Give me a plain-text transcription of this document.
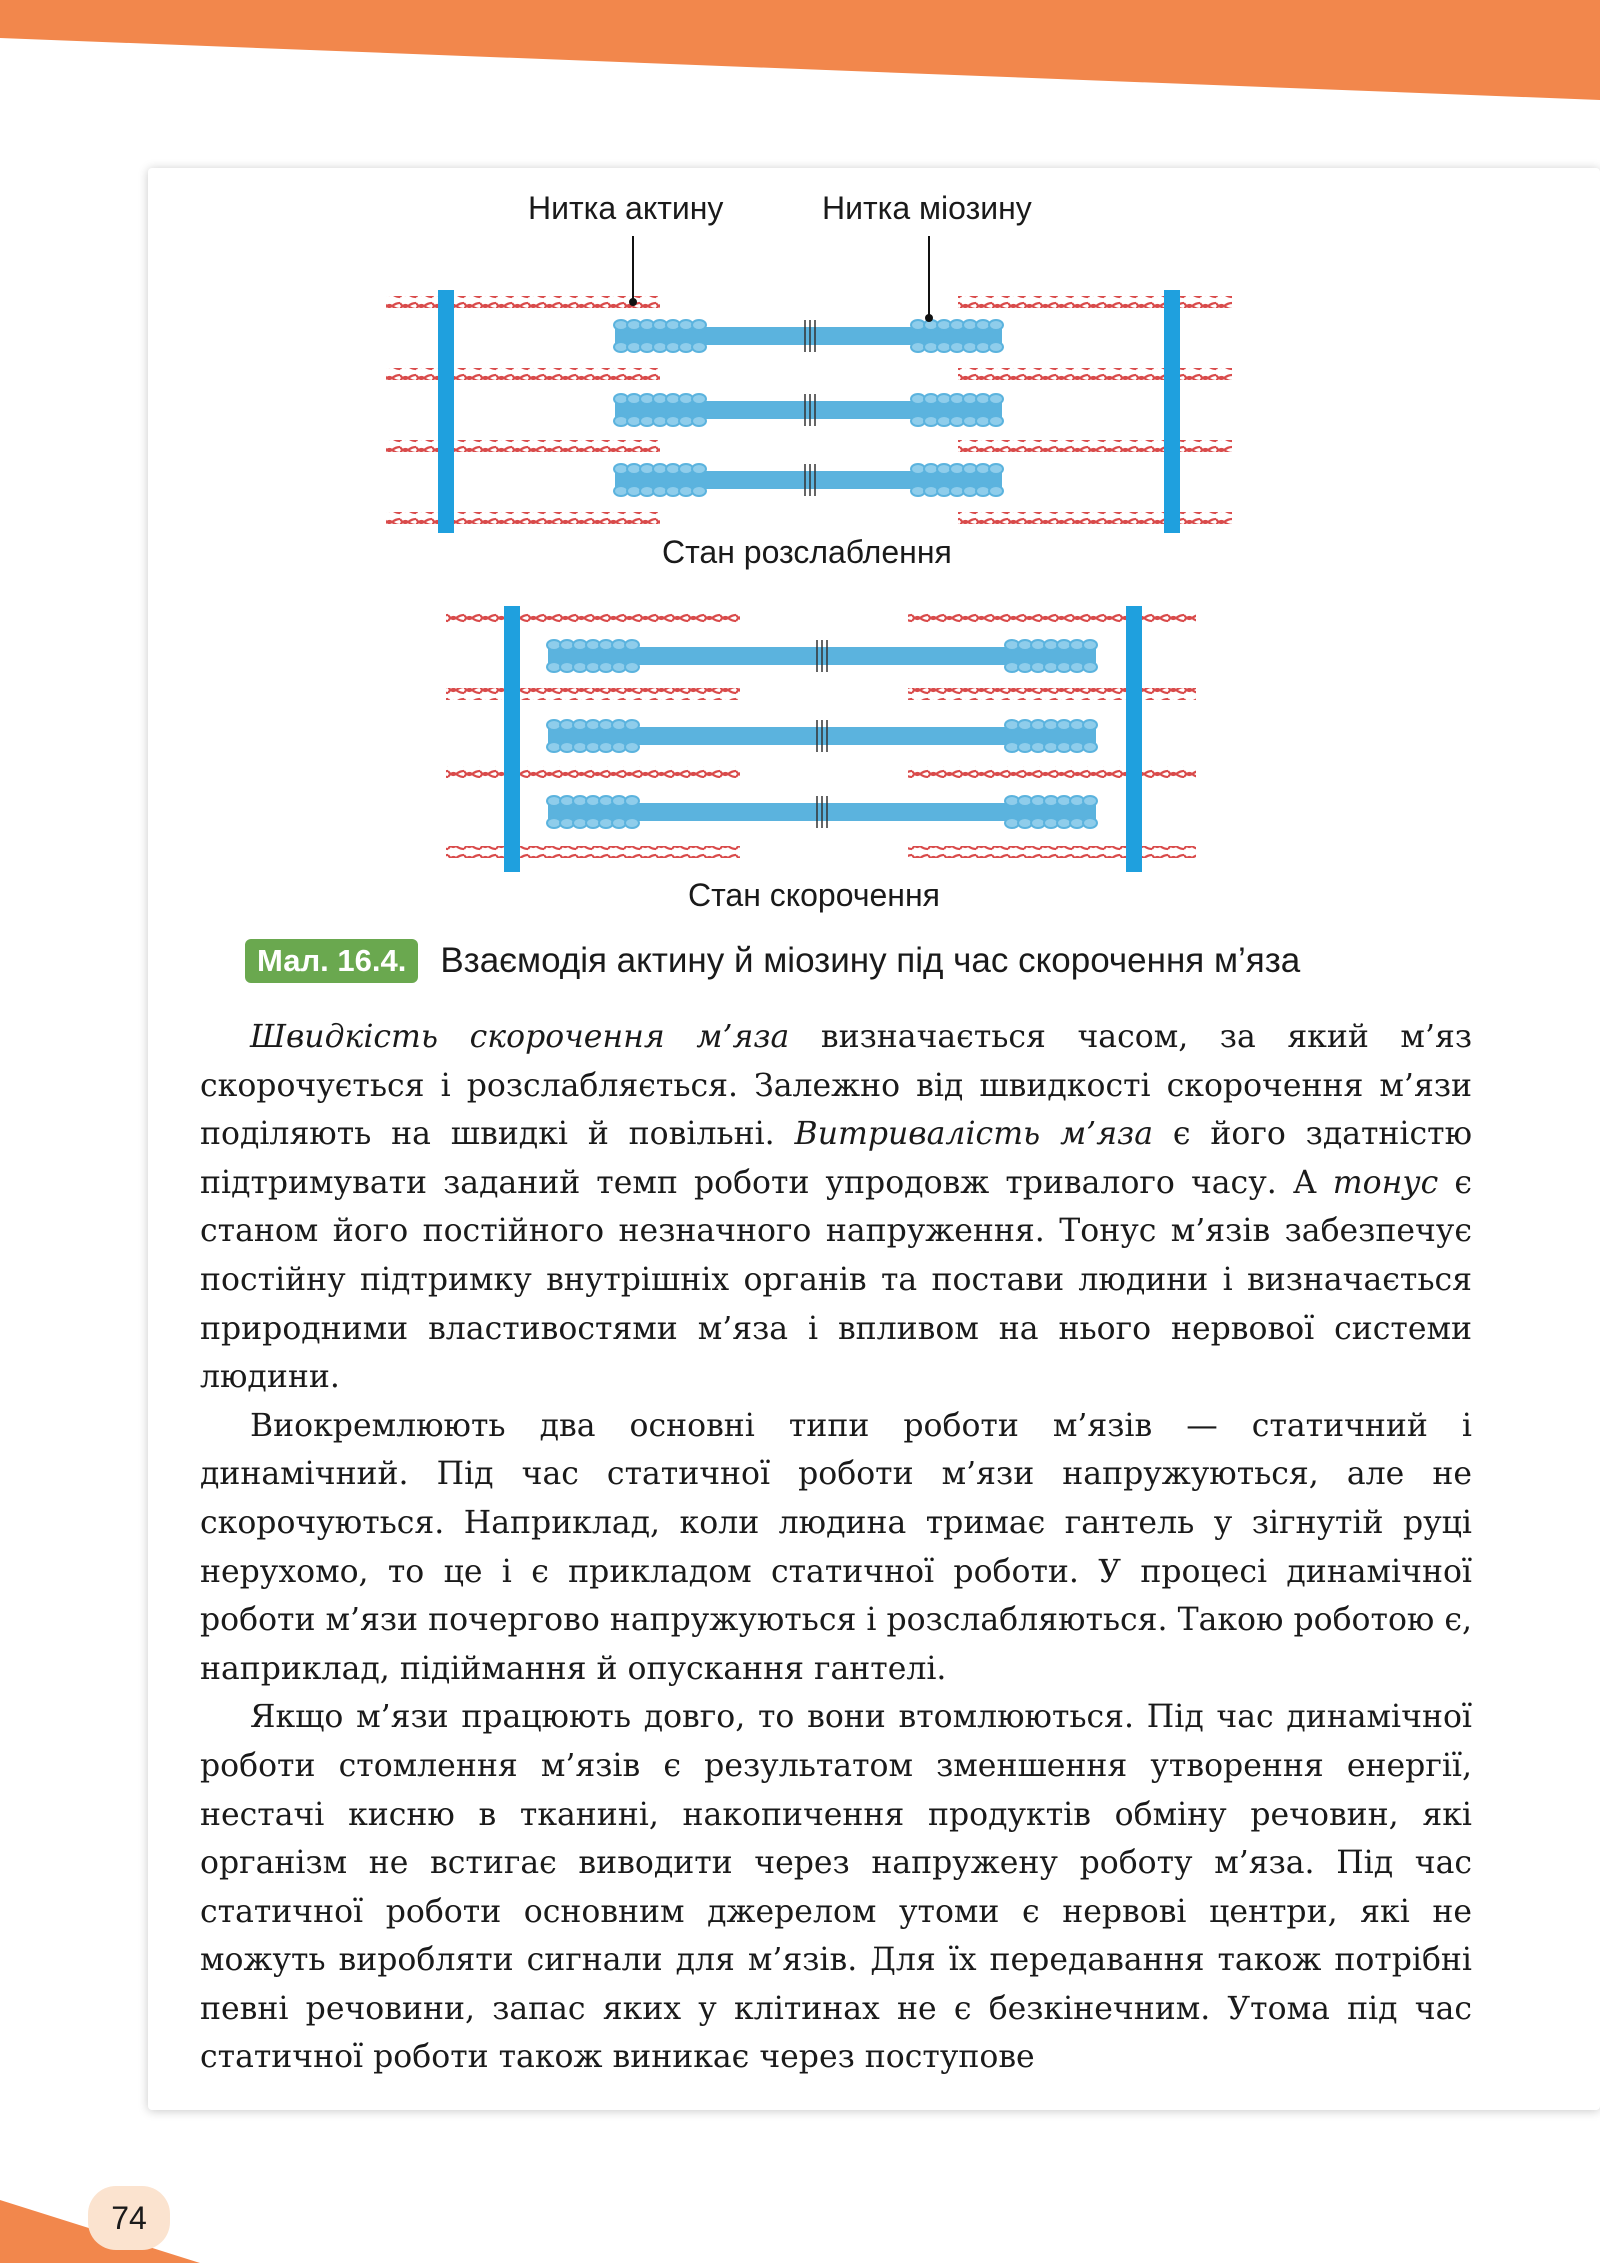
Нитка актину	Нитка міозину
Стан розслаблення
Стан скорочення
Мал. 16.4. Взаємодія актину й міозину під час скорочення м’яза

Швидкість скорочення м’яза визначається часом, за який м’яз скорочується і розслабляється. Залежно від швидкості скорочення м’язи поділяють на швидкі й повільні. Витривалість м’яза є його здатністю підтримувати заданий темп роботи упродовж тривалого часу. А тонус є станом його постійного незначного напруження. Тонус м’язів забезпечує постійну підтримку внутрішніх органів та постави людини і визначається природними властивостями м’яза і впливом на нього нервової системи людини.

Виокремлюють два основні типи роботи м’язів — статичний і динамічний. Під час статичної роботи м’язи напружуються, але не скорочуються. Наприклад, коли людина тримає гантель у зігнутій руці нерухомо, то це і є прикладом статичної роботи. У процесі динамічної роботи м’язи почергово напружуються і розслабляються. Такою роботою є, наприклад, підіймання й опускання гантелі.

Якщо м’язи працюють довго, то вони втомлюються. Під час динамічної роботи стомлення м’язів є результатом зменшення утворення енергії, нестачі кисню в тканині, накопичення продуктів обміну речовин, які організм не встигає виводити через напружену роботу м’яза. Під час статичної роботи основним джерелом утоми є нервові центри, які не можуть виробляти сигнали для м’язів. Для їх передавання також потрібні певні речовини, запас яких у клітинах не є безкінечним. Утома під час статичної роботи також виникає через поступове

74
